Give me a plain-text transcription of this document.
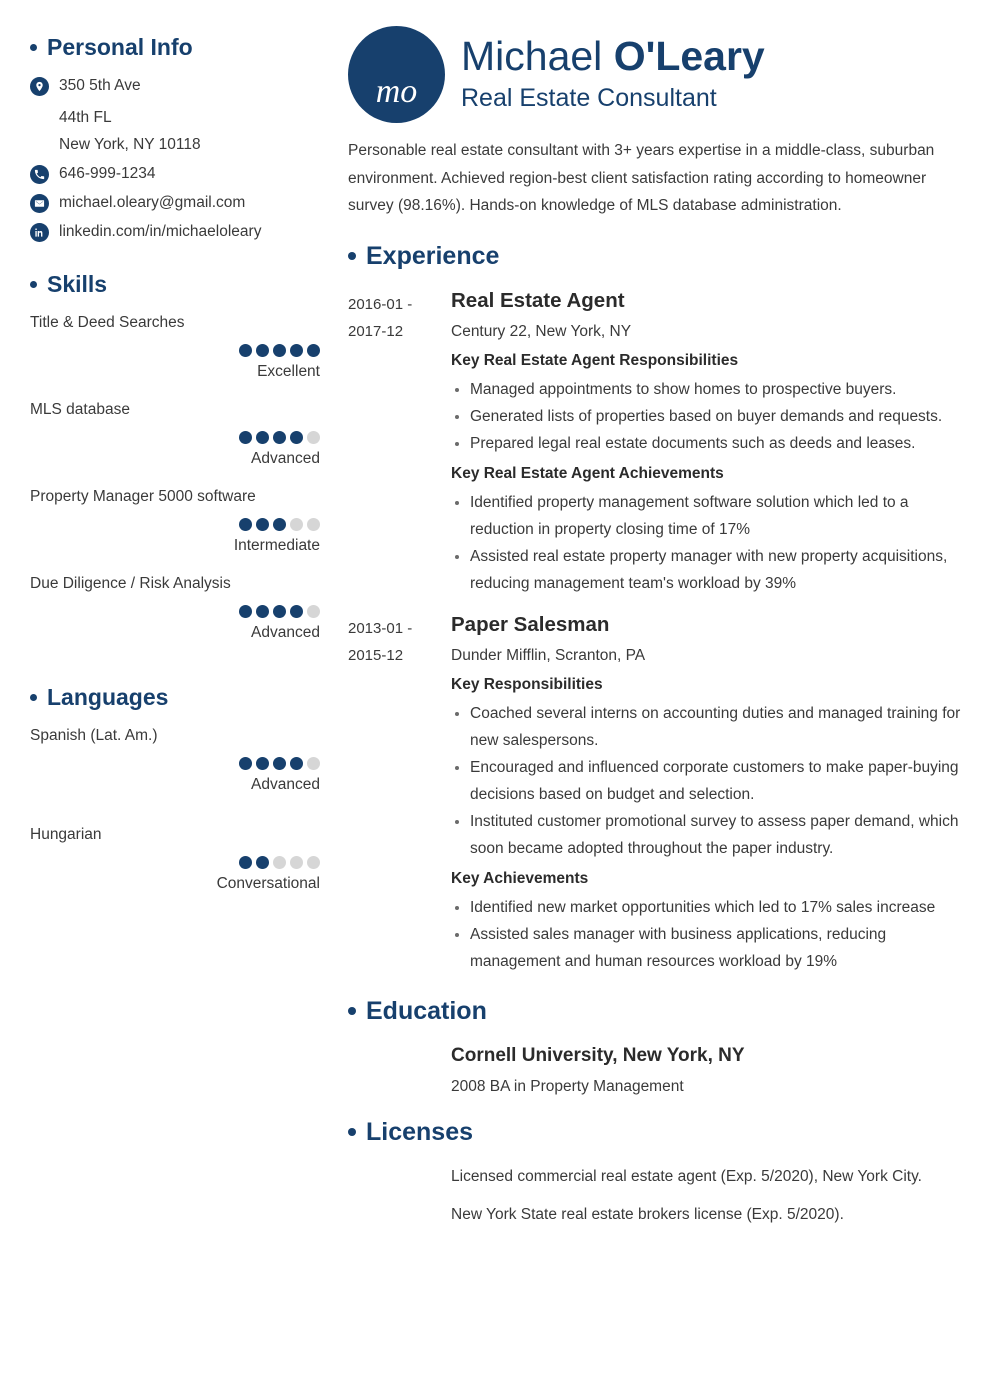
Personal Info
350 5th Ave
44th FL
New York, NY 10118
646-999-1234
michael.oleary@gmail.com
linkedin.com/in/michaeloleary
Skills
Title & Deed Searches
Excellent
MLS database
Advanced
Property Manager 5000 software
Intermediate
Due Diligence / Risk Analysis
Advanced
Languages
Spanish (Lat. Am.)
Advanced
Hungarian
Conversational
mo
Michael O'Leary
Real Estate Consultant

Personable real estate consultant with 3+ years expertise in a middle-class, suburban environment. Achieved region-best client satisfaction rating according to homeowner survey (98.16%). Hands-on knowledge of MLS database administration.

Experience
2016-01 -
2017-12
Real Estate Agent
Century 22, New York, NY
Key Real Estate Agent Responsibilities
Managed appointments to show homes to prospective buyers.
Generated lists of properties based on buyer demands and requests.
Prepared legal real estate documents such as deeds and leases.
Key Real Estate Agent Achievements
Identified property management software solution which led to a reduction in property closing time of 17%
Assisted real estate property manager with new property acquisitions, reducing management team's workload by 39%
2013-01 -
2015-12
Paper Salesman
Dunder Mifflin, Scranton, PA
Key Responsibilities
Coached several interns on accounting duties and managed training for new salespersons.
Encouraged and influenced corporate customers to make paper-buying decisions based on budget and selection.
Instituted customer promotional survey to assess paper demand, which soon became adopted throughout the paper industry.
Key Achievements
Identified new market opportunities which led to 17% sales increase
Assisted sales manager with business applications, reducing management and human resources workload by 19%
Education
Cornell University, New York, NY
2008 BA in Property Management
Licenses
Licensed commercial real estate agent (Exp. 5/2020), New York City.
New York State real estate brokers license (Exp. 5/2020).
